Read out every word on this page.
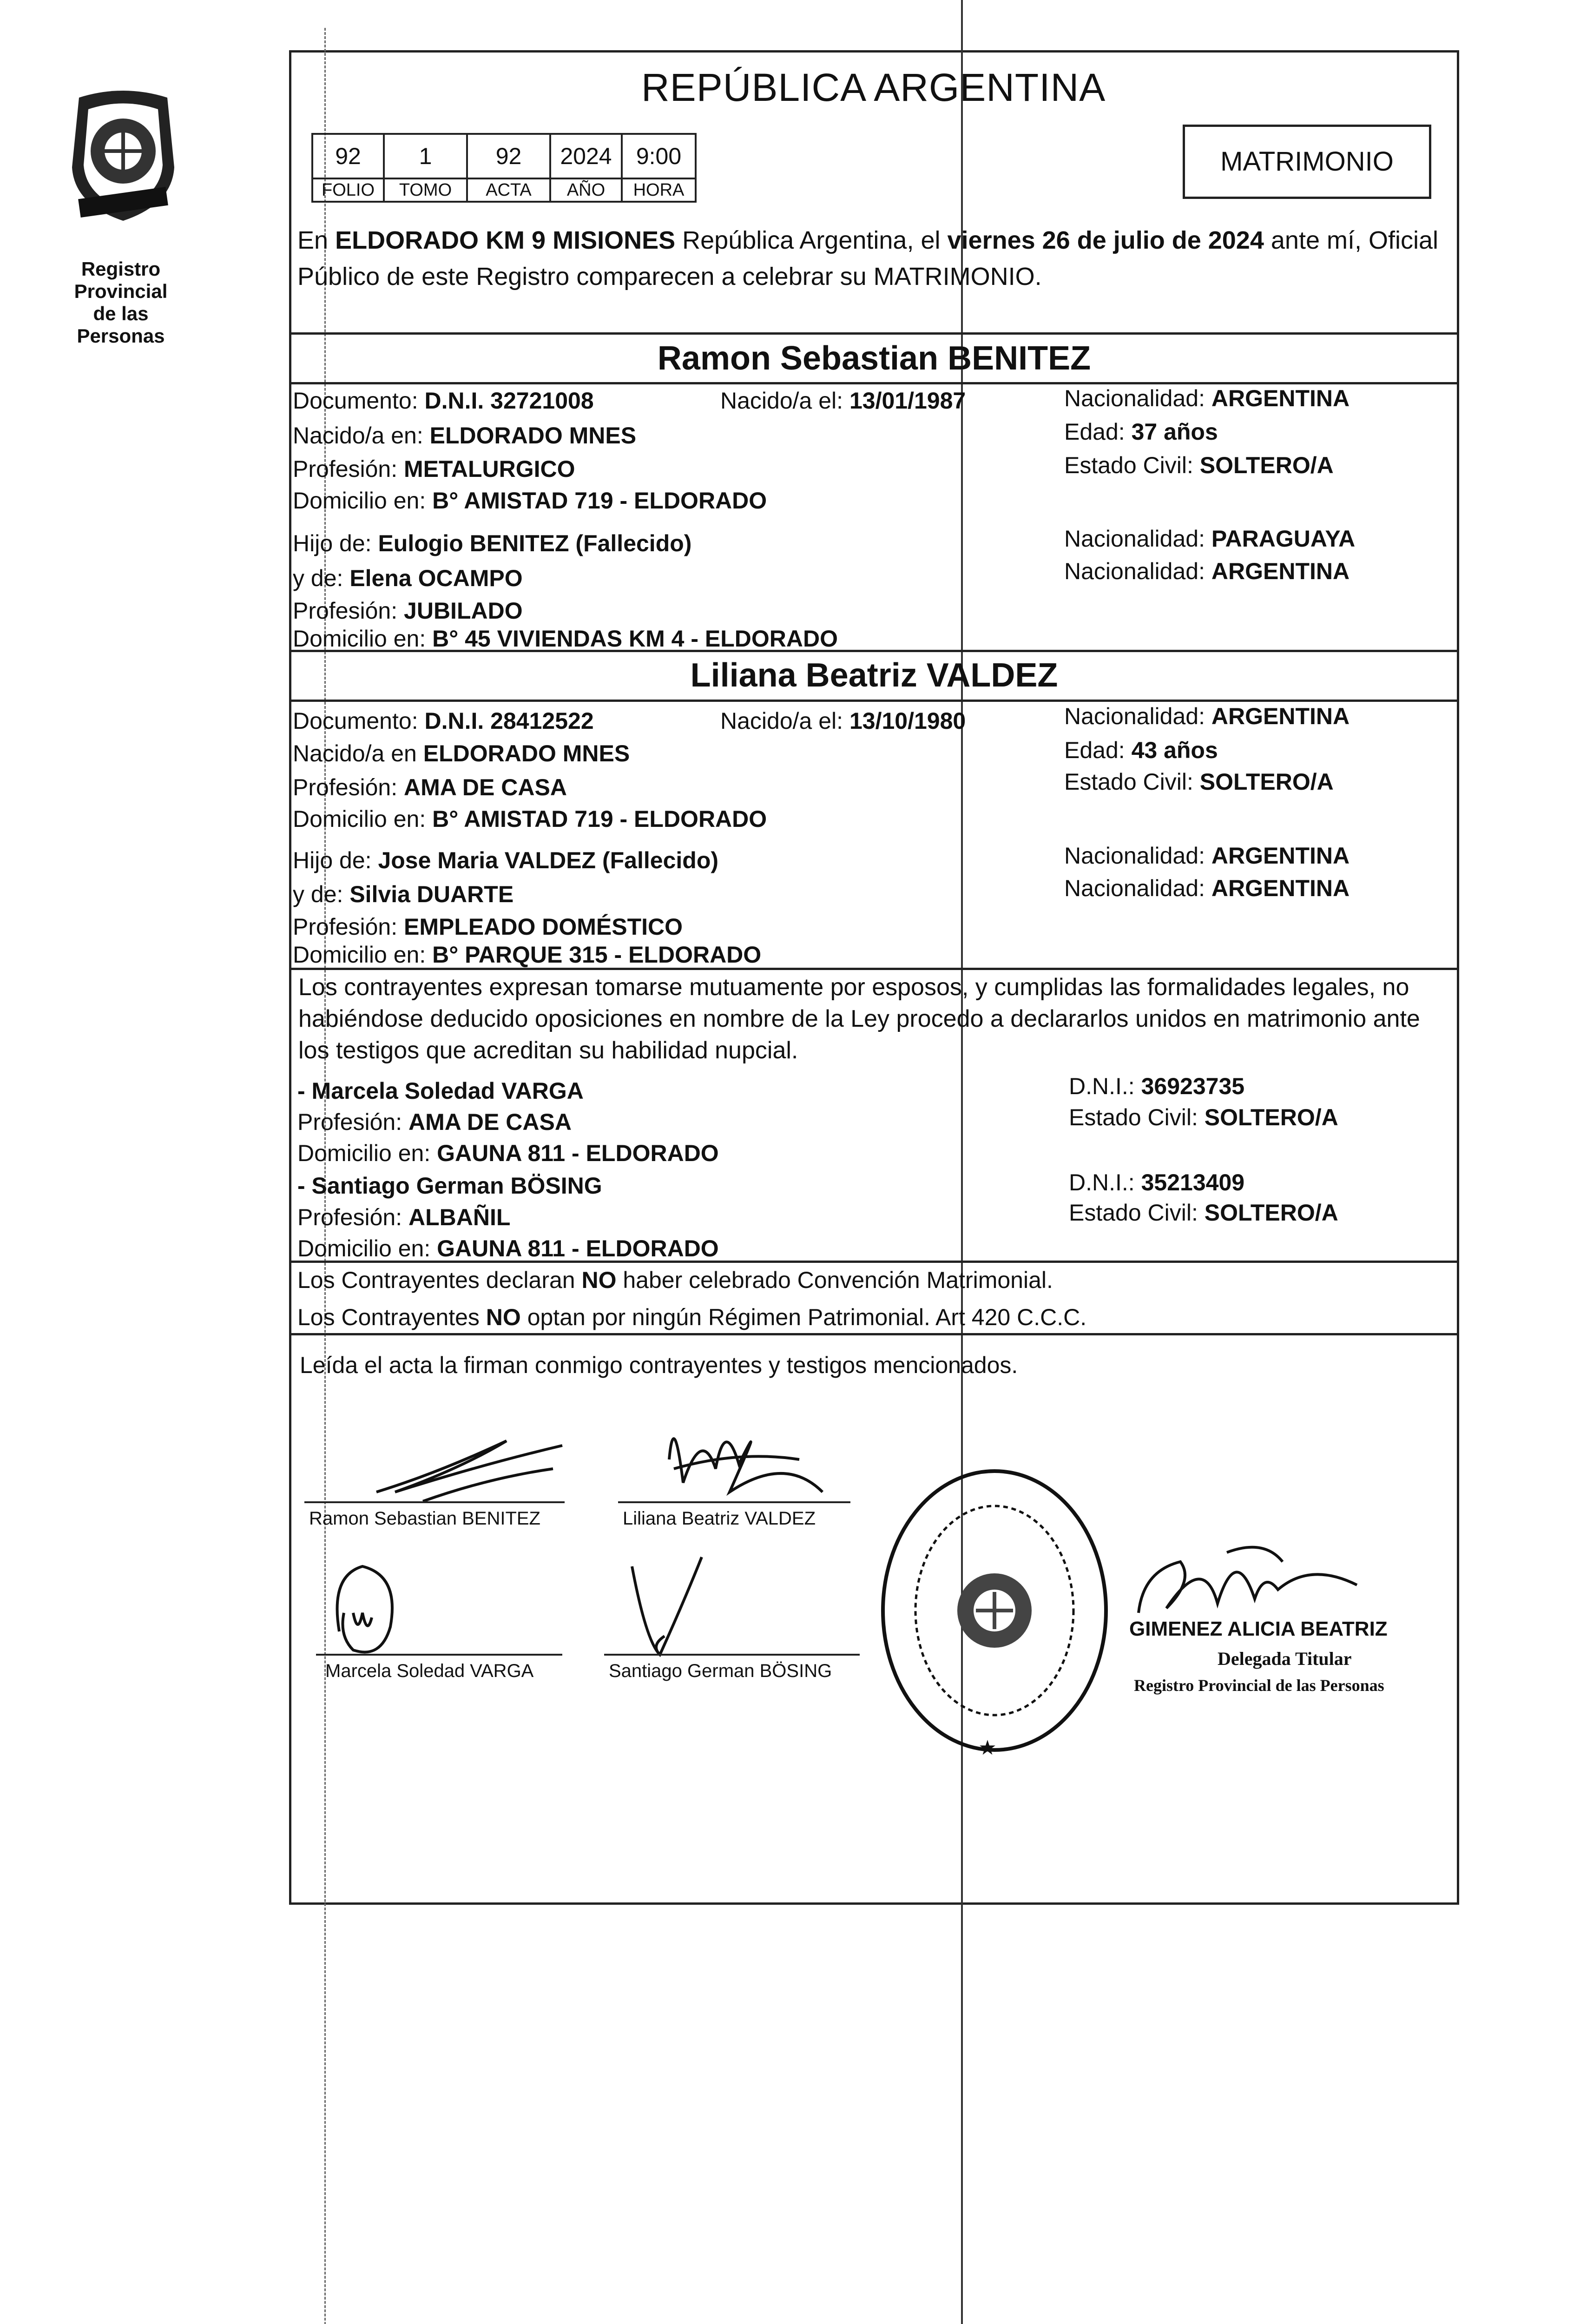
Registro Provincial
de las Personas
REPÚBLICA ARGENTINA
92	1	92	2024	9:00
FOLIO	TOMO	ACTA	AÑO	HORA
MATRIMONIO
En ELDORADO KM 9 MISIONES República Argentina, el viernes 26 de julio de 2024 ante mí, Oficial Público de este Registro comparecen a celebrar su MATRIMONIO.
Ramon Sebastian BENITEZ
Documento: D.N.I. 32721008	Nacido/a el: 13/01/1987	Nacionalidad: ARGENTINA
Nacido/a en: ELDORADO MNES	Edad: 37 años
Profesión: METALURGICO	Estado Civil: SOLTERO/A
Domicilio en: B° AMISTAD 719 - ELDORADO
Hijo de: Eulogio BENITEZ (Fallecido)	Nacionalidad: PARAGUAYA
y de: Elena OCAMPO	Nacionalidad: ARGENTINA
Profesión: JUBILADO
Domicilio en: B° 45 VIVIENDAS KM 4 - ELDORADO
Liliana Beatriz VALDEZ
Documento: D.N.I. 28412522	Nacido/a el: 13/10/1980	Nacionalidad: ARGENTINA
Nacido/a en ELDORADO MNES	Edad: 43 años
Profesión: AMA DE CASA	Estado Civil: SOLTERO/A
Domicilio en: B° AMISTAD 719 - ELDORADO
Hijo de: Jose Maria VALDEZ (Fallecido)	Nacionalidad: ARGENTINA
y de: Silvia DUARTE	Nacionalidad: ARGENTINA
Profesión: EMPLEADO DOMÉSTICO
Domicilio en: B° PARQUE 315 - ELDORADO
Los contrayentes expresan tomarse mutuamente por esposos, y cumplidas las formalidades legales, no habiéndose deducido oposiciones en nombre de la Ley procedo a declararlos unidos en matrimonio ante los testigos que acreditan su habilidad nupcial.
- Marcela Soledad VARGA	D.N.I.: 36923735
Profesión: AMA DE CASA	Estado Civil: SOLTERO/A
Domicilio en: GAUNA 811 - ELDORADO
- Santiago German BÖSING	D.N.I.: 35213409
Profesión: ALBAÑIL	Estado Civil: SOLTERO/A
Domicilio en: GAUNA 811 - ELDORADO
Los Contrayentes declaran NO haber celebrado Convención Matrimonial.
Los Contrayentes NO optan por ningún Régimen Patrimonial. Art 420 C.C.C.
Leída el acta la firman conmigo contrayentes y testigos mencionados.
Ramon Sebastian BENITEZ	Liliana Beatriz VALDEZ
Marcela Soledad VARGA	Santiago German BÖSING
★
GIMENEZ ALICIA BEATRIZ
Delegada Titular
Registro Provincial de las Personas
